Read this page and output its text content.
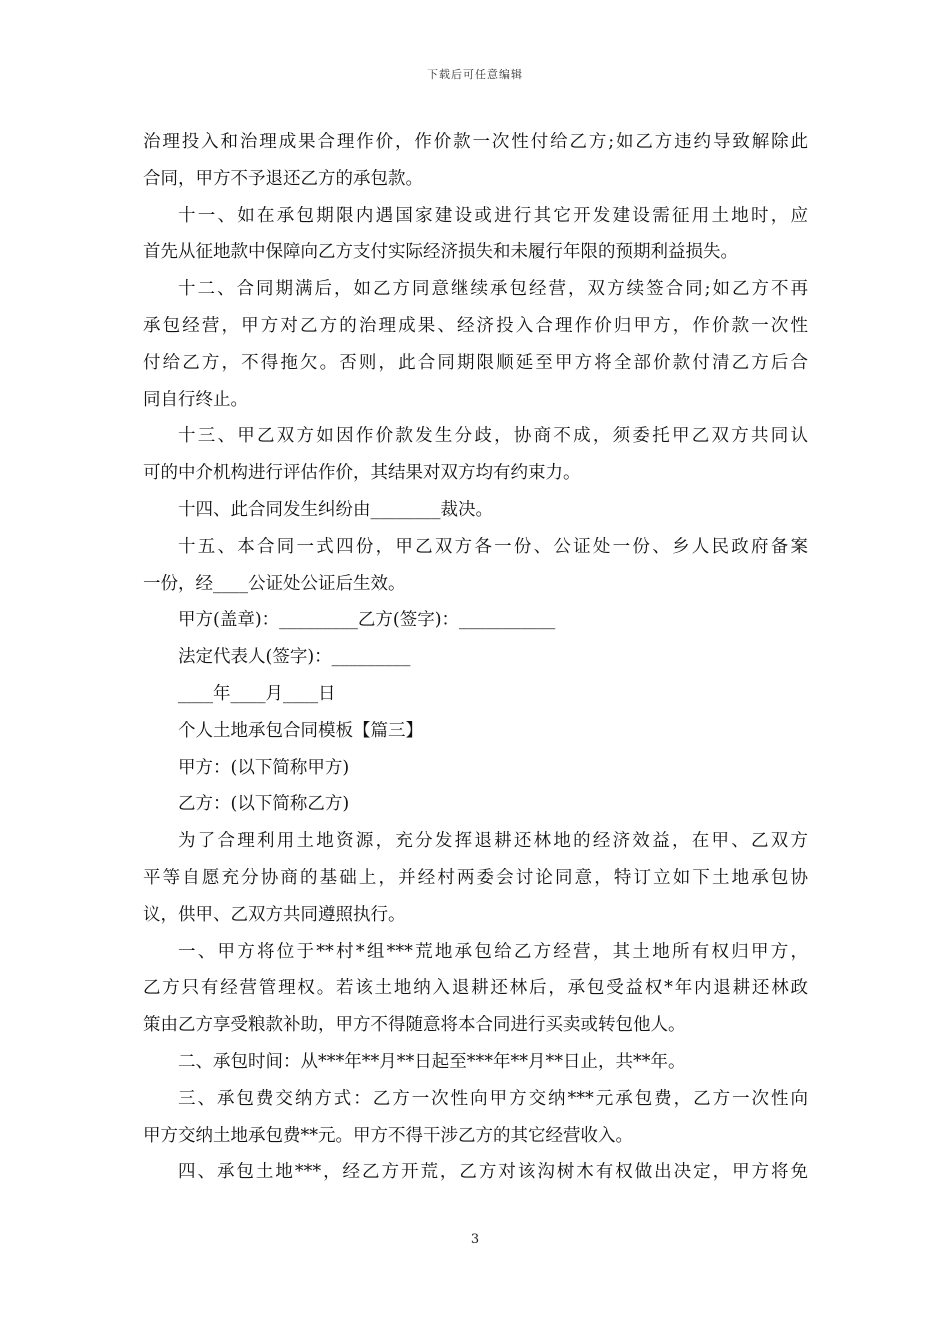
下载后可任意编辑
治理投入和治理成果合理作价，作价款一次性付给乙方;如乙方违约导致解除此
合同，甲方不予退还乙方的承包款。
十一、如在承包期限内遇国家建设或进行其它开发建设需征用土地时，应
首先从征地款中保障向乙方支付实际经济损失和未履行年限的预期利益损失。
十二、合同期满后，如乙方同意继续承包经营，双方续签合同;如乙方不再
承包经营，甲方对乙方的治理成果、经济投入合理作价归甲方，作价款一次性
付给乙方，不得拖欠。否则，此合同期限顺延至甲方将全部价款付清乙方后合
同自行终止。
十三、甲乙双方如因作价款发生分歧，协商不成，须委托甲乙双方共同认
可的中介机构进行评估作价，其结果对双方均有约束力。
十四、此合同发生纠纷由________裁决。
十五、本合同一式四份，甲乙双方各一份、公证处一份、乡人民政府备案
一份，经____公证处公证后生效。
甲方(盖章)：_________乙方(签字)：___________
法定代表人(签字)：_________
____年____月____日
个人土地承包合同模板【篇三】
甲方：(以下简称甲方)
乙方：(以下简称乙方)
为了合理利用土地资源，充分发挥退耕还林地的经济效益，在甲、乙双方
平等自愿充分协商的基础上，并经村两委会讨论同意，特订立如下土地承包协
议，供甲、乙双方共同遵照执行。
一、甲方将位于**村*组***荒地承包给乙方经营，其土地所有权归甲方，
乙方只有经营管理权。若该土地纳入退耕还林后，承包受益权*年内退耕还林政
策由乙方享受粮款补助，甲方不得随意将本合同进行买卖或转包他人。
二、承包时间：从***年**月**日起至***年**月**日止，共**年。
三、承包费交纳方式：乙方一次性向甲方交纳***元承包费，乙方一次性向
甲方交纳土地承包费**元。甲方不得干涉乙方的其它经营收入。
四、承包土地***，经乙方开荒，乙方对该沟树木有权做出决定，甲方将免
3
